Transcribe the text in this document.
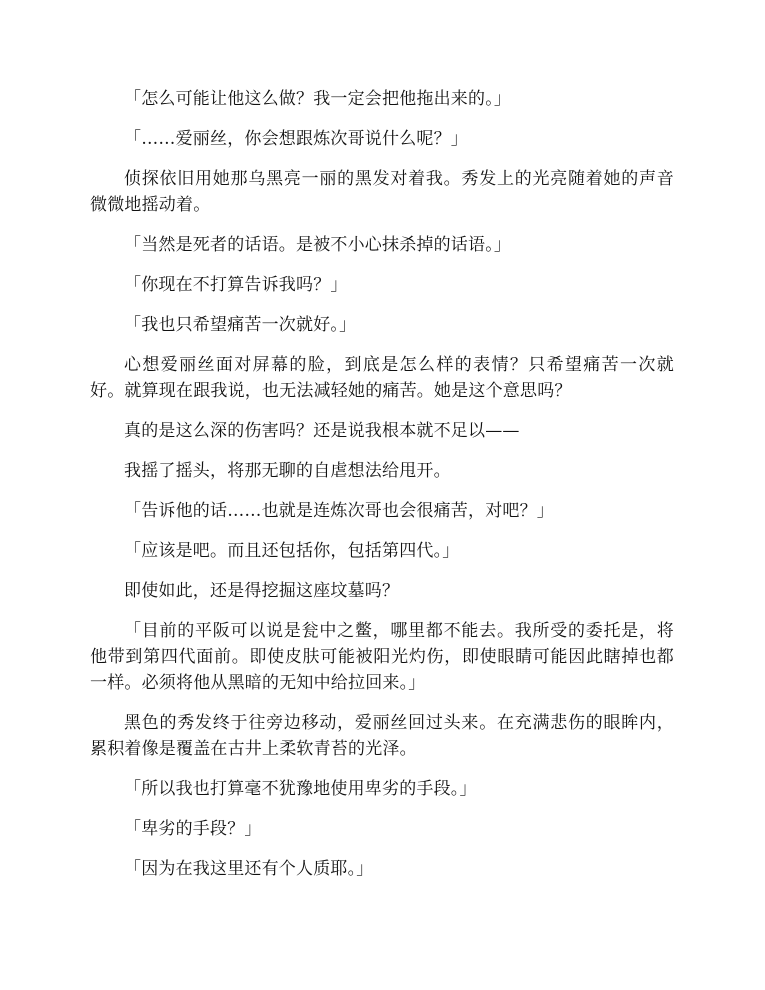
「怎么可能让他这么做？我一定会把他拖出来的。」

「……爱丽丝，你会想跟炼次哥说什么呢？」

侦探依旧用她那乌黑亮一丽的黑发对着我。秀发上的光亮随着她的声音微微地摇动着。

「当然是死者的话语。是被不小心抹杀掉的话语。」

「你现在不打算告诉我吗？」

「我也只希望痛苦一次就好。」

心想爱丽丝面对屏幕的脸，到底是怎么样的表情？只希望痛苦一次就好。就算现在跟我说，也无法减轻她的痛苦。她是这个意思吗？

真的是这么深的伤害吗？还是说我根本就不足以——

我摇了摇头，将那无聊的自虐想法给甩开。

「告诉他的话……也就是连炼次哥也会很痛苦，对吧？」

「应该是吧。而且还包括你，包括第四代。」

即使如此，还是得挖掘这座坟墓吗？

「目前的平阪可以说是瓮中之鳖，哪里都不能去。我所受的委托是，将他带到第四代面前。即使皮肤可能被阳光灼伤，即使眼睛可能因此瞎掉也都一样。必须将他从黑暗的无知中给拉回来。」

黑色的秀发终于往旁边移动，爱丽丝回过头来。在充满悲伤的眼眸内，累积着像是覆盖在古井上柔软青苔的光泽。

「所以我也打算毫不犹豫地使用卑劣的手段。」

「卑劣的手段？」

「因为在我这里还有个人质耶。」
